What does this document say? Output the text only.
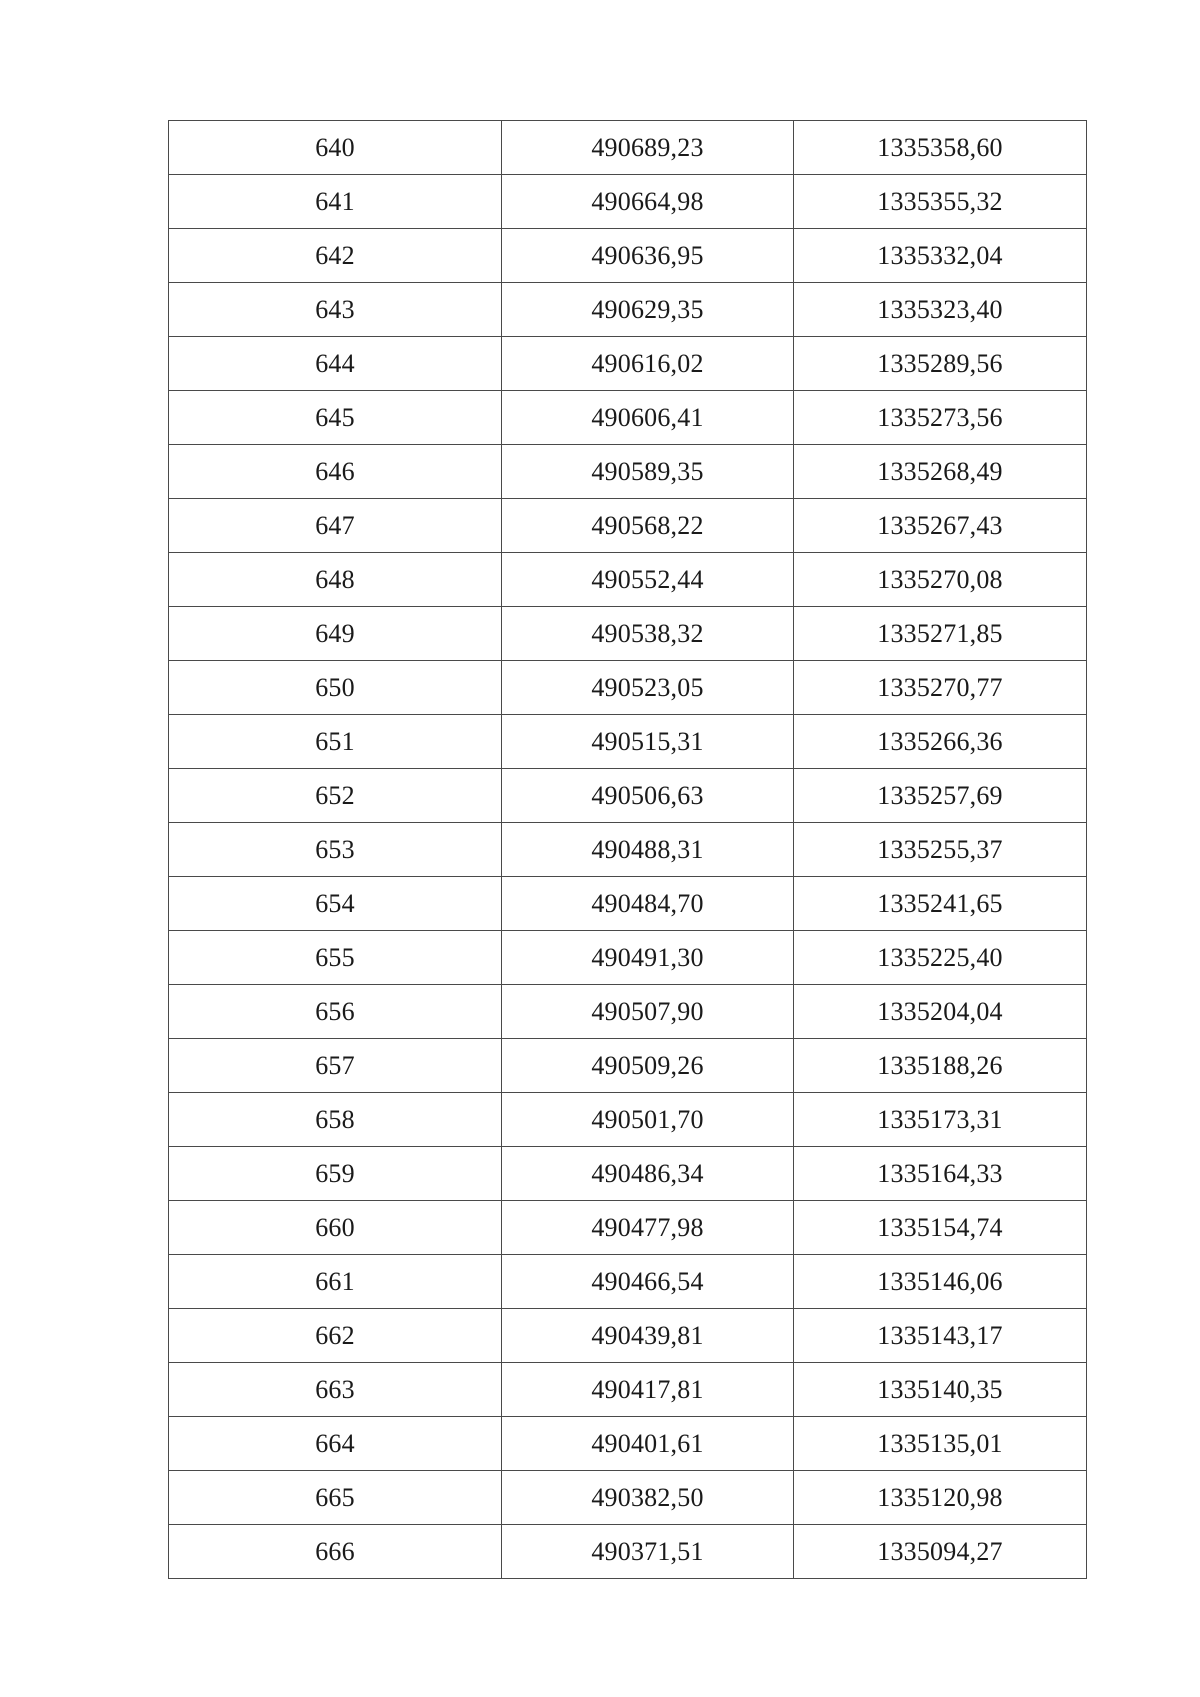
640	490689,23	1335358,60
641	490664,98	1335355,32
642	490636,95	1335332,04
643	490629,35	1335323,40
644	490616,02	1335289,56
645	490606,41	1335273,56
646	490589,35	1335268,49
647	490568,22	1335267,43
648	490552,44	1335270,08
649	490538,32	1335271,85
650	490523,05	1335270,77
651	490515,31	1335266,36
652	490506,63	1335257,69
653	490488,31	1335255,37
654	490484,70	1335241,65
655	490491,30	1335225,40
656	490507,90	1335204,04
657	490509,26	1335188,26
658	490501,70	1335173,31
659	490486,34	1335164,33
660	490477,98	1335154,74
661	490466,54	1335146,06
662	490439,81	1335143,17
663	490417,81	1335140,35
664	490401,61	1335135,01
665	490382,50	1335120,98
666	490371,51	1335094,27
